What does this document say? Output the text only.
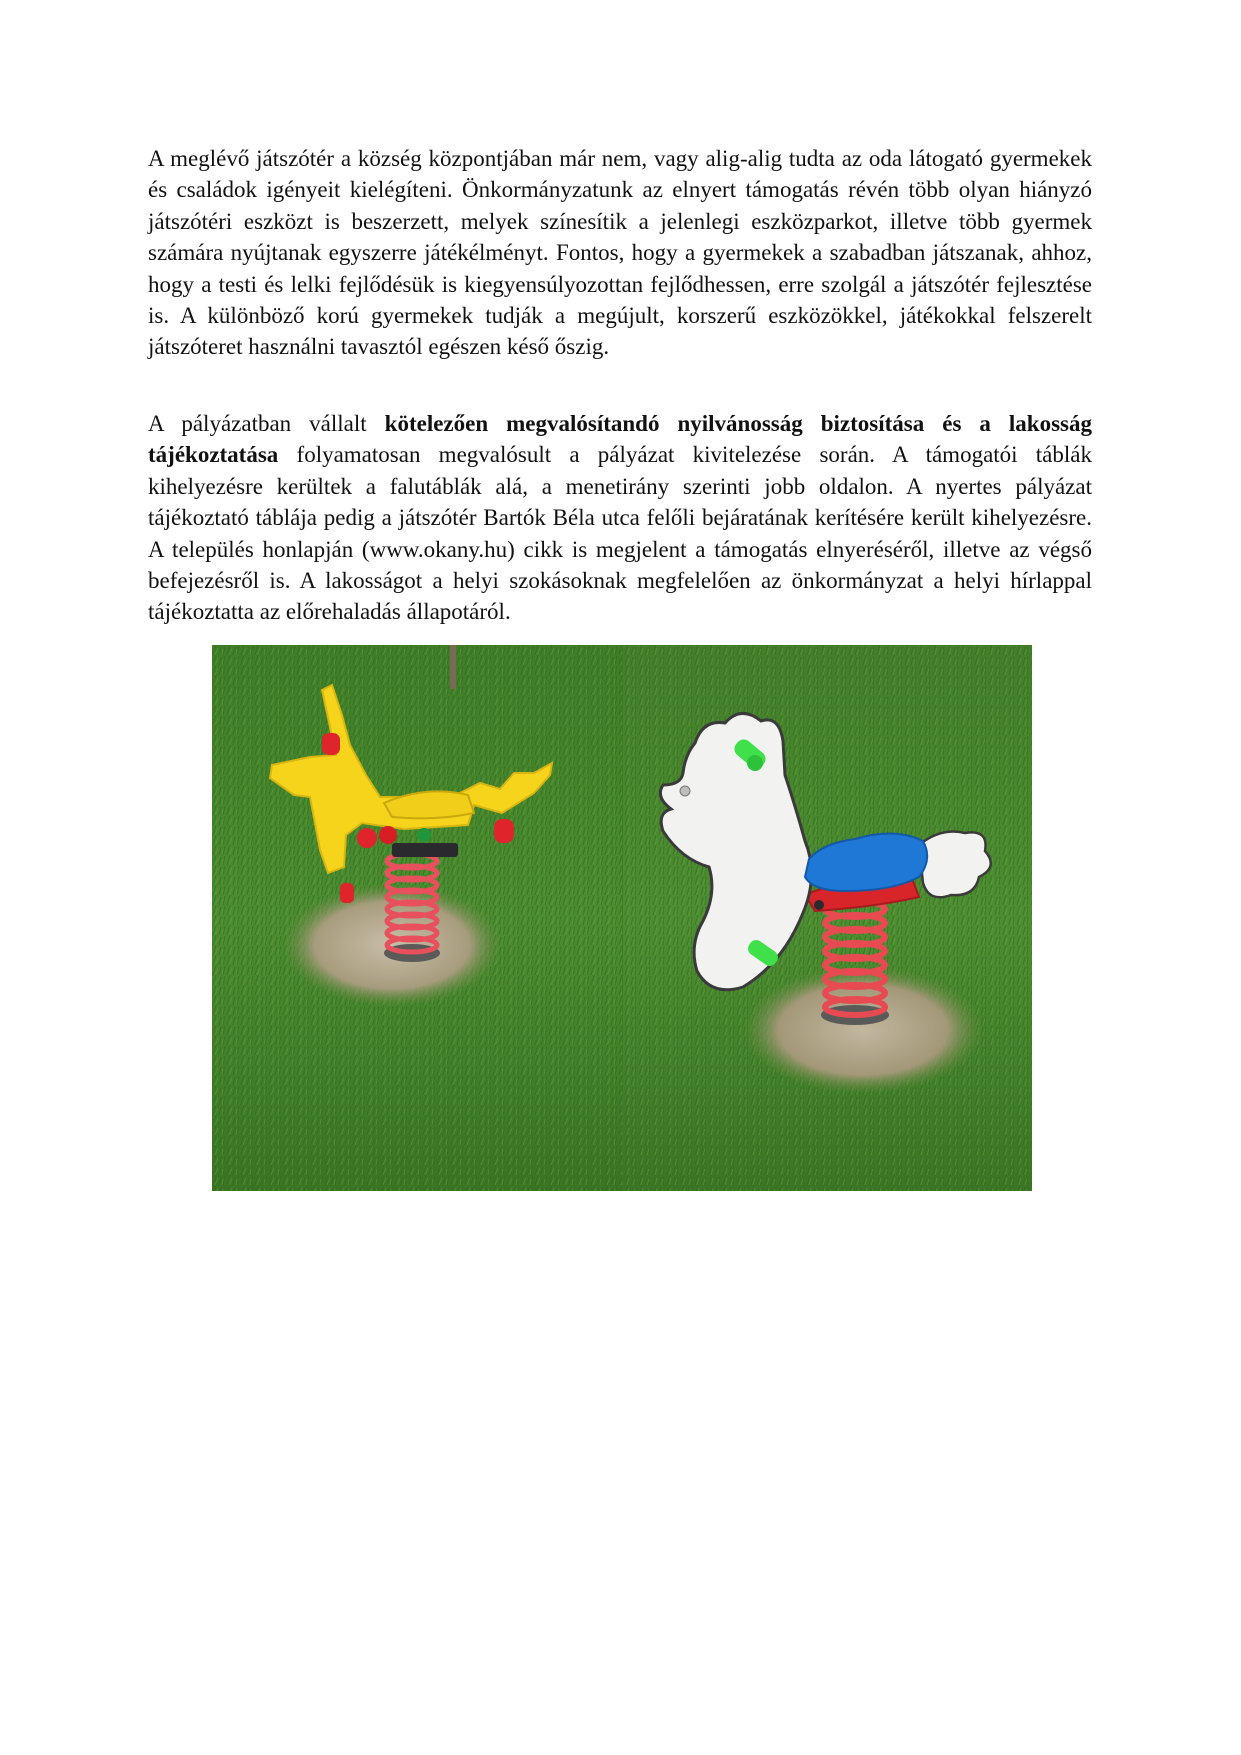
A meglévő játszótér a község központjában már nem, vagy alig-alig tudta az oda látogató gyermekek és családok igényeit kielégíteni. Önkormányzatunk az elnyert támogatás révén több olyan hiányzó játszótéri eszközt is beszerzett, melyek színesítik a jelenlegi eszközparkot, illetve több gyermek számára nyújtanak egyszerre játékélményt. Fontos, hogy a gyermekek a szabadban játszanak, ahhoz, hogy a testi és lelki fejlődésük is kiegyensúlyozottan fejlődhessen, erre szolgál a játszótér fejlesztése is. A különböző korú gyermekek tudják a megújult, korszerű eszközökkel, játékokkal felszerelt játszóteret használni tavasztól egészen késő őszig.

A pályázatban vállalt kötelezően megvalósítandó nyilvánosság biztosítása és a lakosság tájékoztatása folyamatosan megvalósult a pályázat kivitelezése során. A támogatói táblák kihelyezésre kerültek a falutáblák alá, a menetirány szerinti jobb oldalon. A nyertes pályázat tájékoztató táblája pedig a játszótér Bartók Béla utca felőli bejáratának kerítésére került kihelyezésre. A település honlapján (www.okany.hu) cikk is megjelent a támogatás elnyeréséről, illetve az végső befejezésről is. A lakosságot a helyi szokásoknak megfelelően az önkormányzat a helyi hírlappal tájékoztatta az előrehaladás állapotáról.
